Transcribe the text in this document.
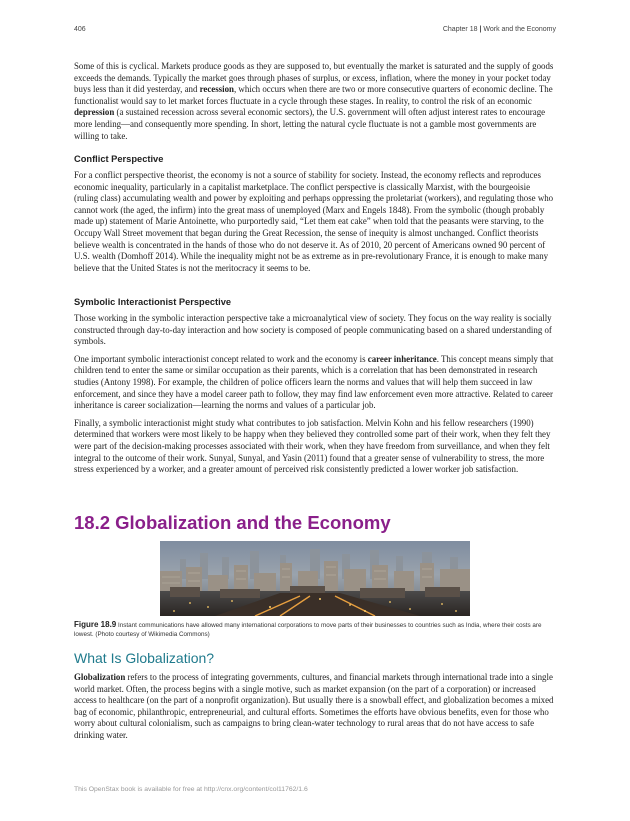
406	Chapter 18 | Work and the Economy

Some of this is cyclical. Markets produce goods as they are supposed to, but eventually the market is saturated and the supply of goods exceeds the demands. Typically the market goes through phases of surplus, or excess, inflation, where the money in your pocket today buys less than it did yesterday, and recession, which occurs when there are two or more consecutive quarters of economic decline. The functionalist would say to let market forces fluctuate in a cycle through these stages. In reality, to control the risk of an economic depression (a sustained recession across several economic sectors), the U.S. government will often adjust interest rates to encourage more lending—and consequently more spending. In short, letting the natural cycle fluctuate is not a gamble most governments are willing to take.

Conflict Perspective

For a conflict perspective theorist, the economy is not a source of stability for society. Instead, the economy reflects and reproduces economic inequality, particularly in a capitalist marketplace. The conflict perspective is classically Marxist, with the bourgeoisie (ruling class) accumulating wealth and power by exploiting and perhaps oppressing the proletariat (workers), and regulating those who cannot work (the aged, the infirm) into the great mass of unemployed (Marx and Engels 1848). From the symbolic (though probably made up) statement of Marie Antoinette, who purportedly said, “Let them eat cake” when told that the peasants were starving, to the Occupy Wall Street movement that began during the Great Recession, the sense of inequity is almost unchanged. Conflict theorists believe wealth is concentrated in the hands of those who do not deserve it. As of 2010, 20 percent of Americans owned 90 percent of U.S. wealth (Domhoff 2014). While the inequality might not be as extreme as in pre-revolutionary France, it is enough to make many believe that the United States is not the meritocracy it seems to be.

Symbolic Interactionist Perspective

Those working in the symbolic interaction perspective take a microanalytical view of society. They focus on the way reality is socially constructed through day-to-day interaction and how society is composed of people communicating based on a shared understanding of symbols.

One important symbolic interactionist concept related to work and the economy is career inheritance. This concept means simply that children tend to enter the same or similar occupation as their parents, which is a correlation that has been demonstrated in research studies (Antony 1998). For example, the children of police officers learn the norms and values that will help them succeed in law enforcement, and since they have a model career path to follow, they may find law enforcement even more attractive. Related to career inheritance is career socialization—learning the norms and values of a particular job.

Finally, a symbolic interactionist might study what contributes to job satisfaction. Melvin Kohn and his fellow researchers (1990) determined that workers were most likely to be happy when they believed they controlled some part of their work, when they felt they were part of the decision-making processes associated with their work, when they have freedom from surveillance, and when they felt integral to the outcome of their work. Sunyal, Sunyal, and Yasin (2011) found that a greater sense of vulnerability to stress, the more stress experienced by a worker, and a greater amount of perceived risk consistently predicted a lower worker job satisfaction.

18.2 Globalization and the Economy
Figure 18.9 Instant communications have allowed many international corporations to move parts of their businesses to countries such as India, where their costs are lowest. (Photo courtesy of Wikimedia Commons)
What Is Globalization?

Globalization refers to the process of integrating governments, cultures, and financial markets through international trade into a single world market. Often, the process begins with a single motive, such as market expansion (on the part of a corporation) or increased access to healthcare (on the part of a nonprofit organization). But usually there is a snowball effect, and globalization becomes a mixed bag of economic, philanthropic, entrepreneurial, and cultural efforts. Sometimes the efforts have obvious benefits, even for those who worry about cultural colonialism, such as campaigns to bring clean-water technology to rural areas that do not have access to safe drinking water.

This OpenStax book is available for free at http://cnx.org/content/col11762/1.6
